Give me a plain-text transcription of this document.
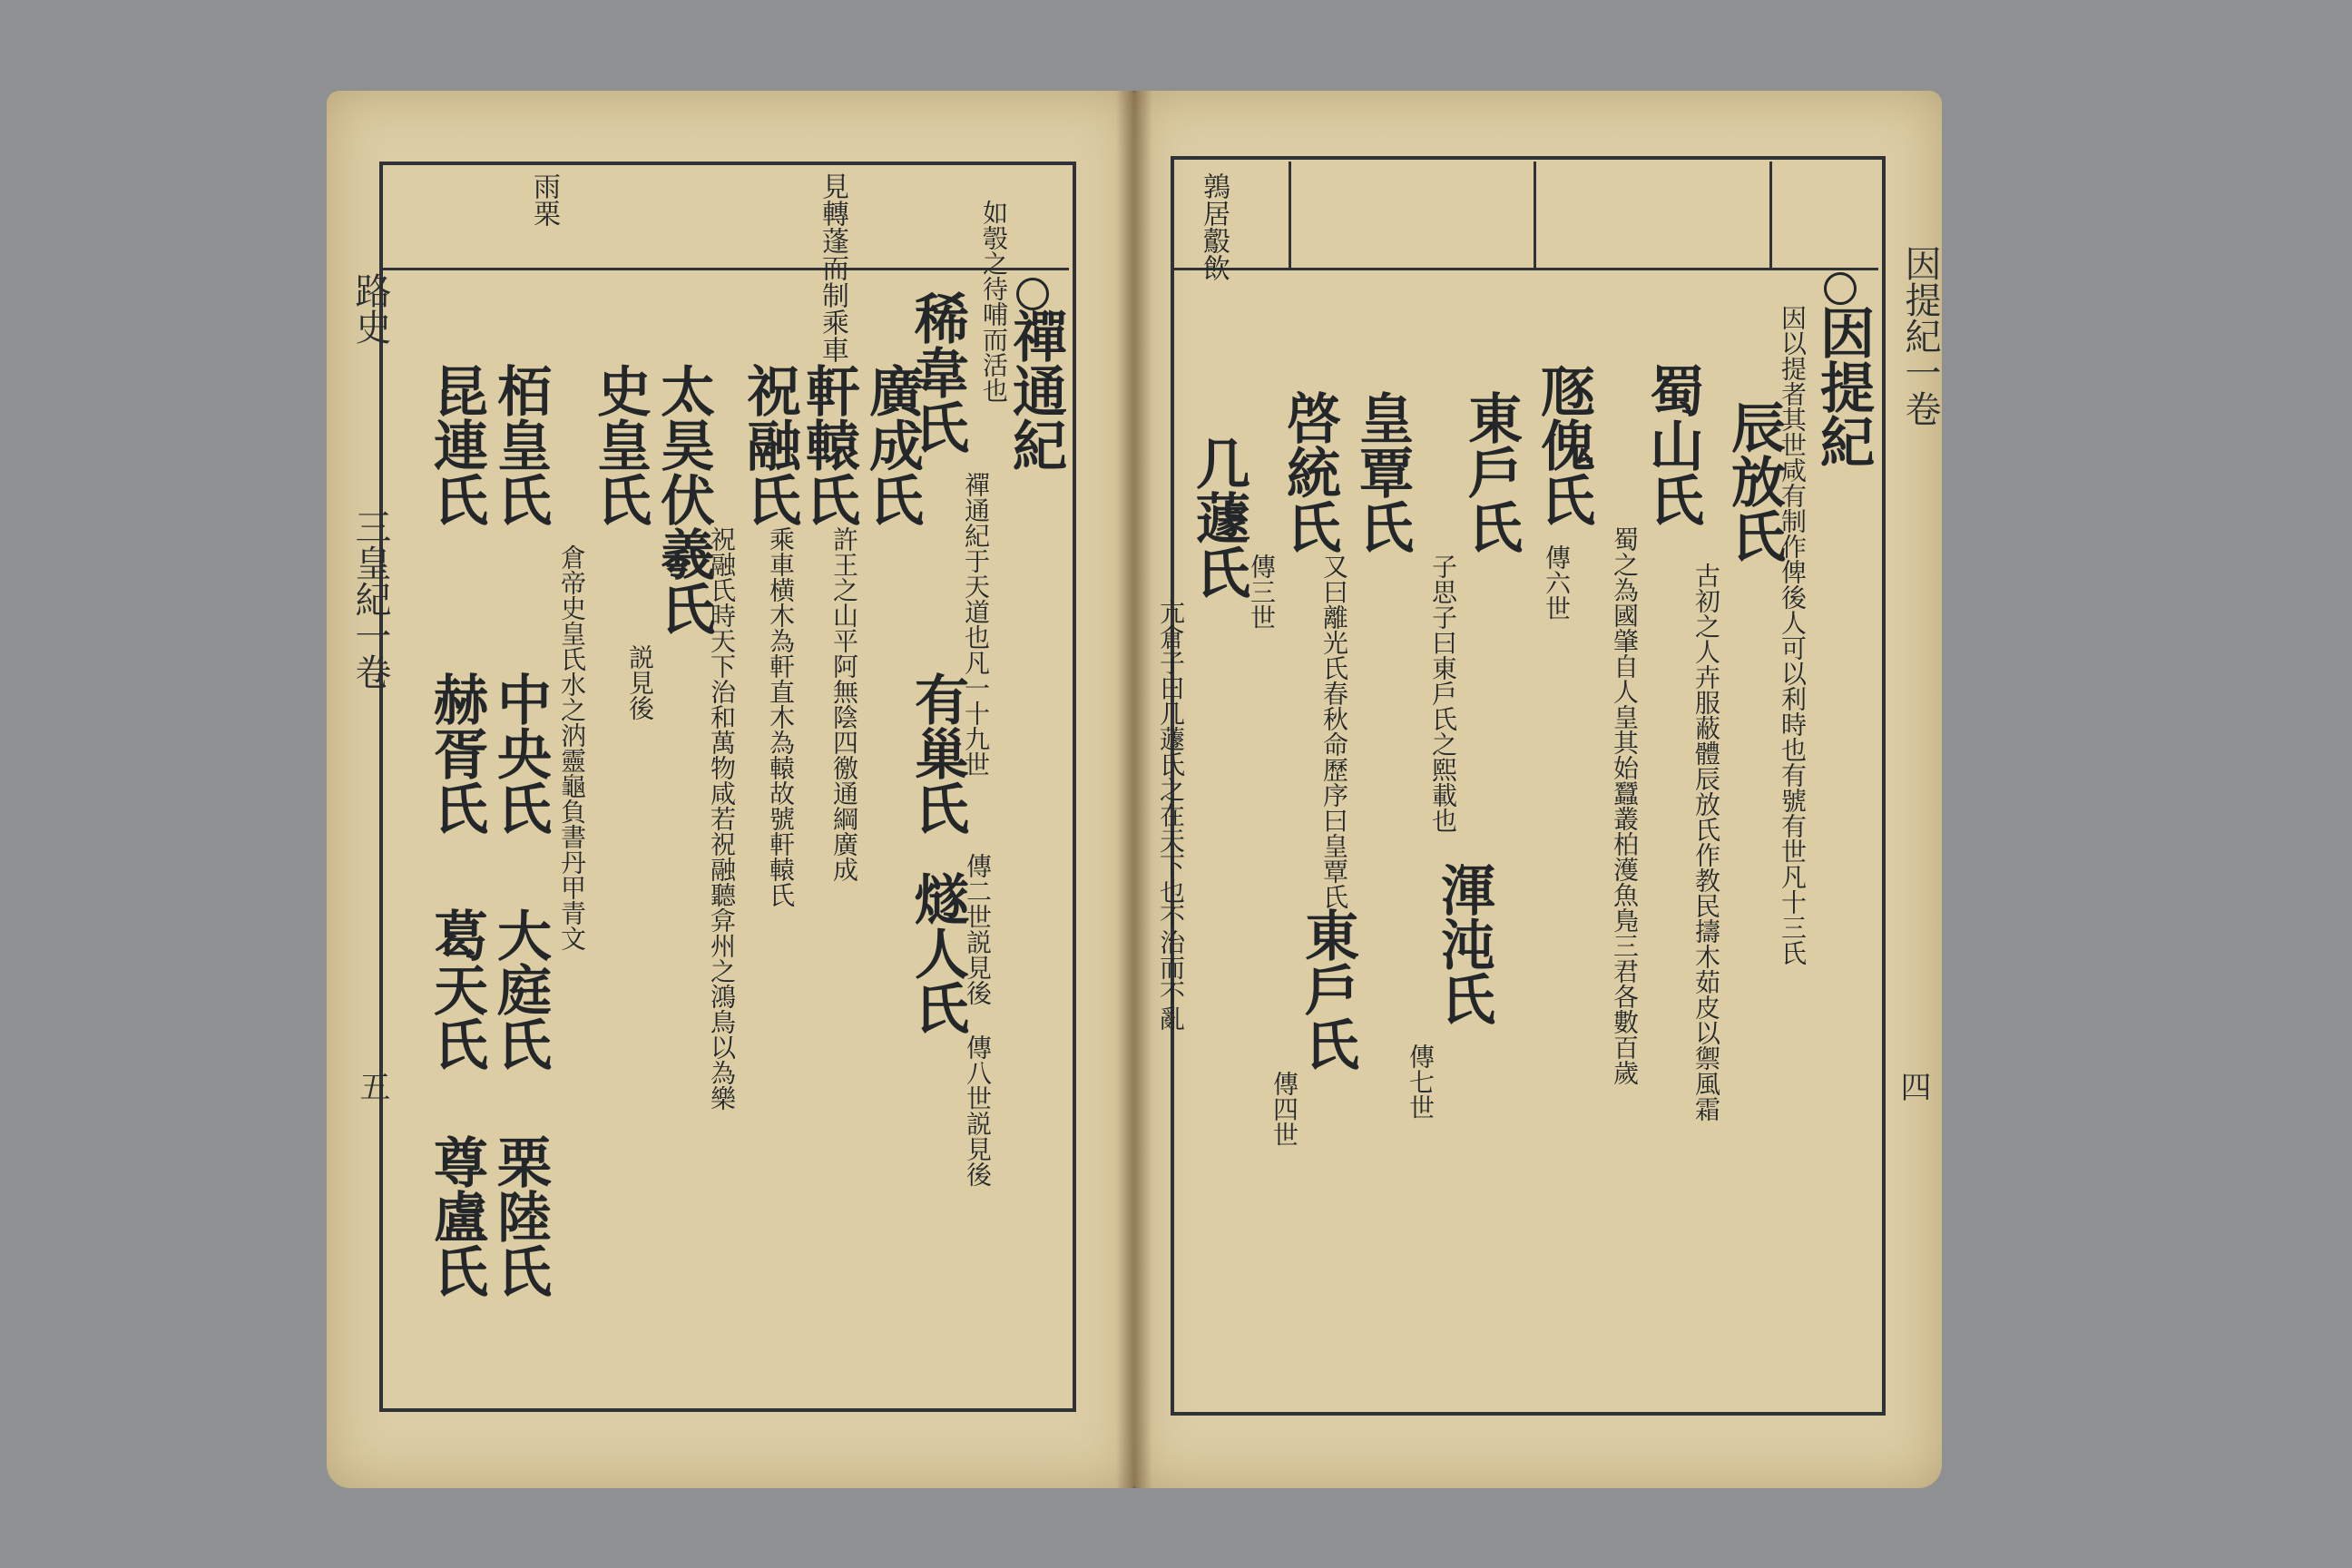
三皇紀一卷
路史
五
雨栗	見轉蓬而制乘車
禪通紀
禪通紀于天道也凡一十九世
如彀之待哺而活也
稀韋氏
廣成氏
許王之山平阿無陰四徼通綱廣成 有巢氏
傳二世説見後
燧人氏
傳八世説見後
軒轅氏
乘車横木為軒直木為轅故號軒轅氏
祝融氏
祝融氏時天下治和萬物咸若祝融聽弇州之鴻鳥以為樂
太昊伏羲氏
説見後
史皇氏
倉帝史皇氏水之汭靈龜負書丹甲青文
栢皇氏
昆連氏
中央氏
赫胥氏
大庭氏
葛天氏
栗陸氏
尊盧氏
因提紀一卷
四
鶉居鷇飲
因提紀
因以提者其世咸有制作俾後人可以利時也有號有世凡十三氏
辰放氏
古初之人卉服蔽體辰放氏作教民擣木茹皮以禦風霜
蜀山氏
蜀之為國肇自人皇其始蠶叢柏濩魚鳬三君各數百歲
豗傀氏
傳六世
東戶氏
子思子曰東戶氏之熙載也
渾沌氏
傳七世
皇覃氏
又曰離光氏春秋命歷序曰皇覃氏
啓統氏
傳三世
東戶氏
傳四世
几蘧氏
亢倉子曰几蘧氏之在天下也不治而不亂
